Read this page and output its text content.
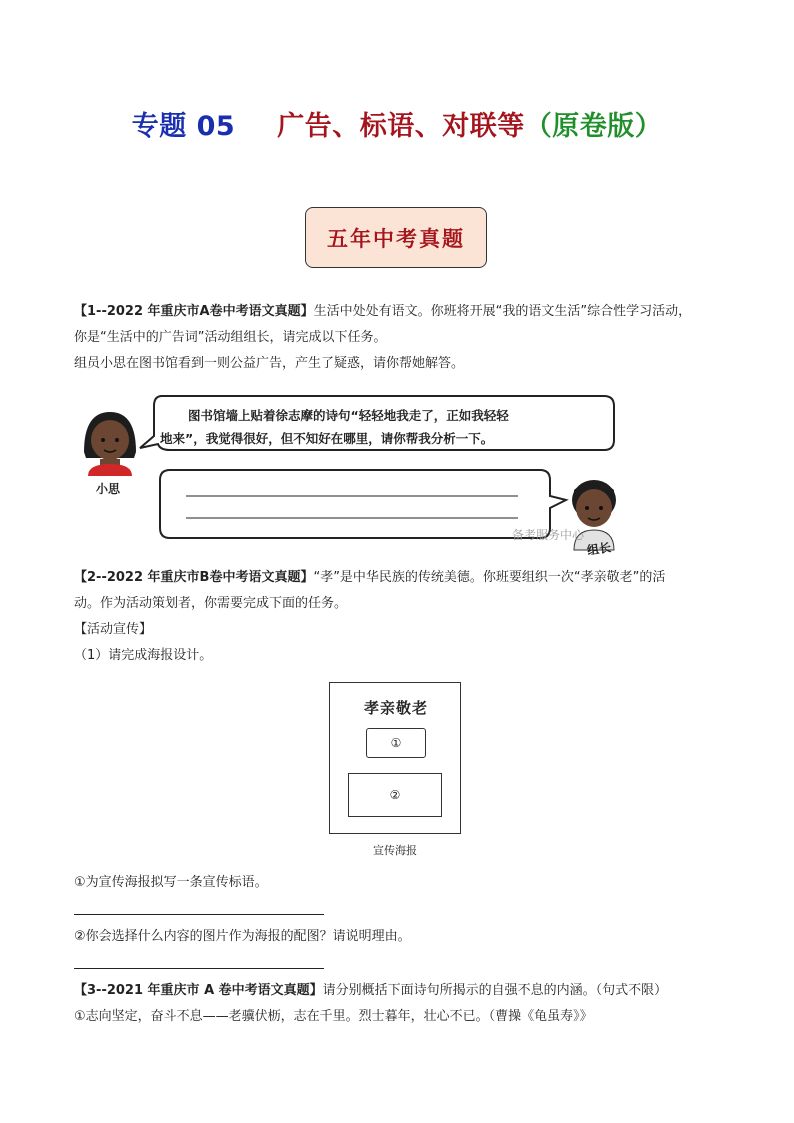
专题 05 广告、标语、对联等（原卷版）
五年中考真题
【1--2022 年重庆市A卷中考语文真题】生活中处处有语文。你班将开展“我的语文生活”综合性学习活动，
你是“生活中的广告词”活动组组长，请完成以下任务。
组员小思在图书馆看到一则公益广告，产生了疑惑，请你帮她解答。
图书馆墙上贴着徐志摩的诗句“轻轻地我走了，正如我轻轻
地来”，我觉得很好，但不知好在哪里，请你帮我分析一下。
小思
组长
备考服务中心
【2--2022 年重庆市B卷中考语文真题】“孝”是中华民族的传统美德。你班要组织一次“孝亲敬老”的活
动。作为活动策划者，你需要完成下面的任务。
【活动宣传】
（1）请完成海报设计。
孝亲敬老
①
②
宣传海报
①为宣传海报拟写一条宣传标语。
②你会选择什么内容的图片作为海报的配图？请说明理由。
【3--2021 年重庆市 A 卷中考语文真题】请分别概括下面诗句所揭示的自强不息的内涵。（句式不限）
①志向坚定，奋斗不息——老骥伏枥，志在千里。烈士暮年，壮心不已。（曹操《龟虽寿》》
